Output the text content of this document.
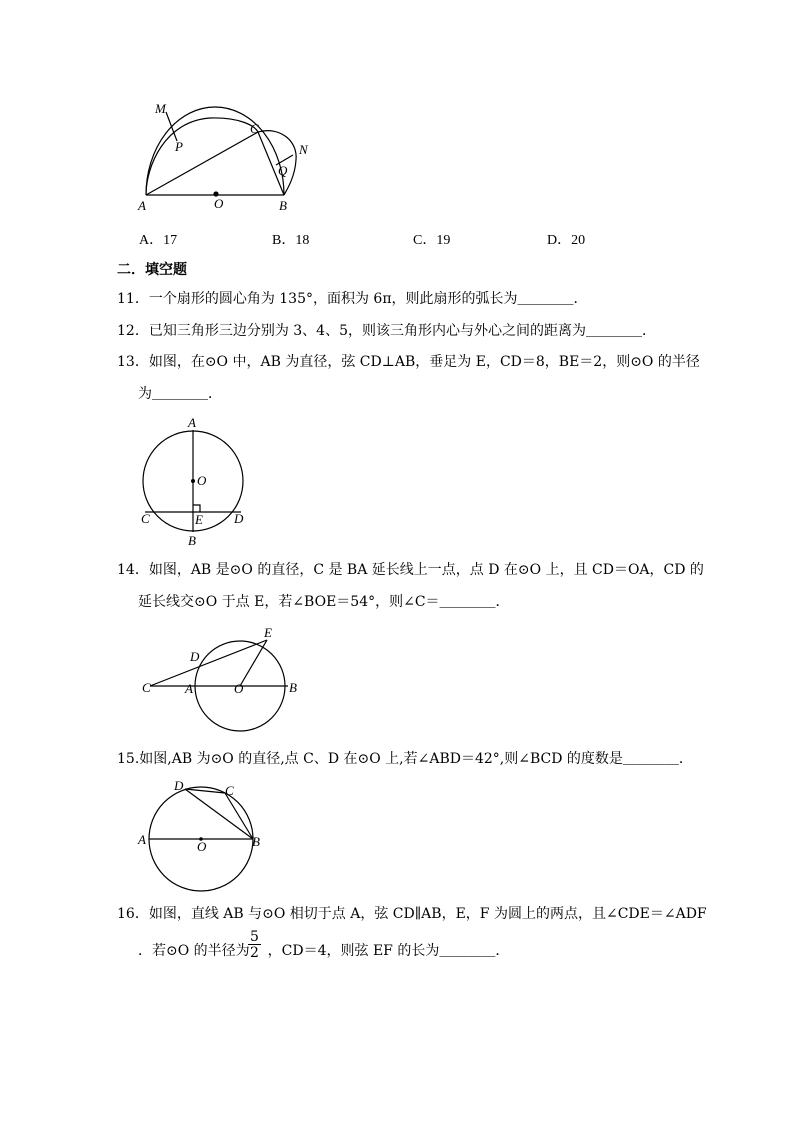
M
P
C
N
Q
A	O	B
A．17	B．18	C．19	D．20
二．填空题
11．一个扇形的圆心角为 135°，面积为 6π，则此扇形的弧长为＿＿＿＿．
12．已知三角形三边分别为 3、4、5，则该三角形内心与外心之间的距离为＿＿＿＿．
13．如图，在⊙O 中，AB 为直径，弦 CD⊥AB，垂足为 E，CD＝8，BE＝2，则⊙O 的半径
为＿＿＿＿．
A
O
C	E D
B
14．如图，AB 是⊙O 的直径，C 是 BA 延长线上一点，点 D 在⊙O 上，且 CD＝OA，CD 的
延长线交⊙O 于点 E，若∠BOE＝54°，则∠C＝＿＿＿＿．
E
D
C	A	O	B
15.如图,AB 为⊙O 的直径,点 C、D 在⊙O 上,若∠ABD＝42°,则∠BCD 的度数是＿＿＿＿．
D	C
A	O	B
16．如图，直线 AB 与⊙O 相切于点 A，弦 CD∥AB，E，F 为圆上的两点，且∠CDE＝∠ADF
．若⊙O 的半径为 ，CD＝4，则弦 EF 的长为＿＿＿＿．
$\frac{5}{2}$
